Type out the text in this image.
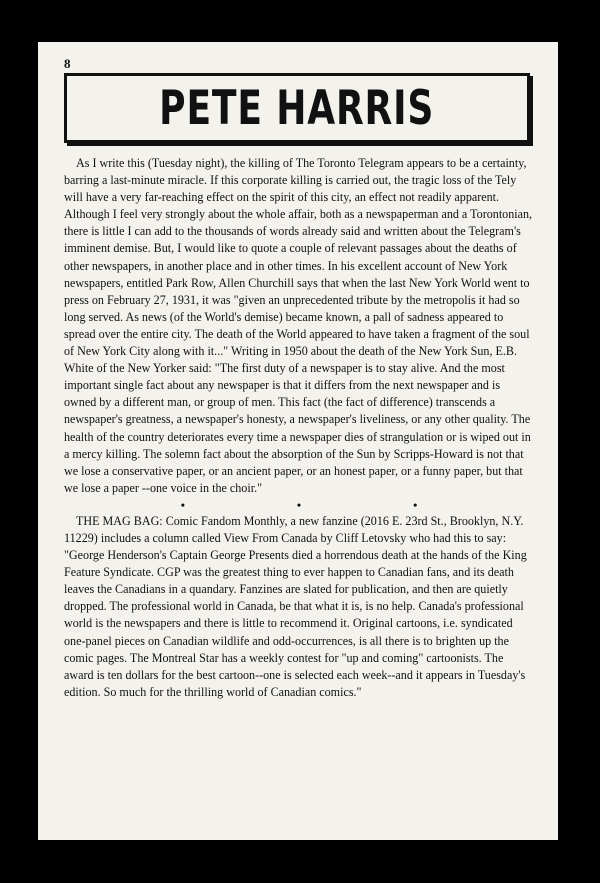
8
PETE HARRIS

As I write this (Tuesday night), the killing of The Toronto Telegram appears to be a certainty, barring a last-minute miracle. If this corporate killing is carried out, the tragic loss of the Tely will have a very far-reaching effect on the spirit of this city, an effect not readily apparent. Although I feel very strongly about the whole affair, both as a newspaperman and a Torontonian, there is little I can add to the thousands of words already said and written about the Telegram's imminent demise. But, I would like to quote a couple of relevant passages about the deaths of other newspapers, in another place and in other times. In his excellent account of New York newspapers, entitled Park Row, Allen Churchill says that when the last New York World went to press on February 27, 1931, it was "given an unprecedented tribute by the metropolis it had so long served. As news (of the World's demise) became known, a pall of sadness appeared to spread over the entire city. The death of the World appeared to have taken a fragment of the soul of New York City along with it..." Writing in 1950 about the death of the New York Sun, E.B. White of the New Yorker said: "The first duty of a newspaper is to stay alive. And the most important single fact about any newspaper is that it differs from the next newspaper and is owned by a different man, or group of men. This fact (the fact of difference) transcends a newspaper's greatness, a newspaper's honesty, a newspaper's liveliness, or any other quality. The health of the country deteriorates every time a newspaper dies of strangulation or is wiped out in a mercy killing. The solemn fact about the absorption of the Sun by Scripps-Howard is not that we lose a conservative paper, or an ancient paper, or an honest paper, or a funny paper, but that we lose a paper --one voice in the choir."

•	•	•

THE MAG BAG: Comic Fandom Monthly, a new fanzine (2016 E. 23rd St., Brooklyn, N.Y. 11229) includes a column called View From Canada by Cliff Letovsky who had this to say: "George Henderson's Captain George Presents died a horrendous death at the hands of the King Feature Syndicate. CGP was the greatest thing to ever happen to Canadian fans, and its death leaves the Canadians in a quandary. Fanzines are slated for publication, and then are quietly dropped. The professional world in Canada, be that what it is, is no help. Canada's professional world is the newspapers and there is little to recommend it. Original cartoons, i.e. syndicated one-panel pieces on Canadian wildlife and odd-occurrences, is all there is to brighten up the comic pages. The Montreal Star has a weekly contest for "up and coming" cartoonists. The award is ten dollars for the best cartoon--one is selected each week--and it appears in Tuesday's edition. So much for the thrilling world of Canadian comics."
